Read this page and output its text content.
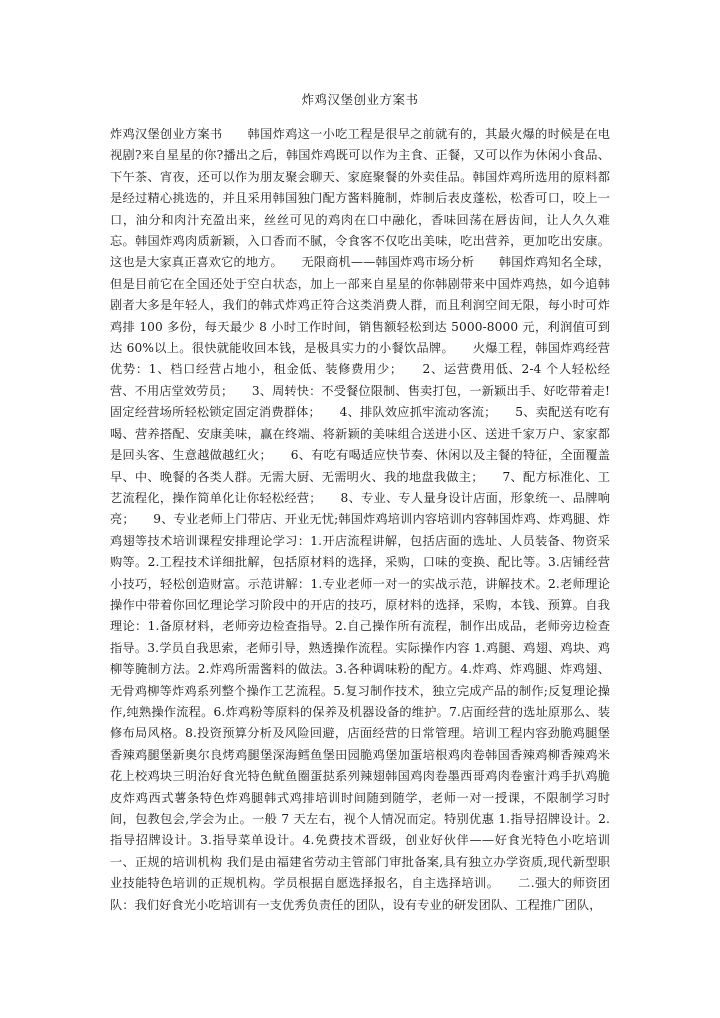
炸鸡汉堡创业方案书

炸鸡汉堡创业方案书　　韩国炸鸡这一小吃工程是很早之前就有的，其最火爆的时候是在电视剧?来自星星的你?播出之后，韩国炸鸡既可以作为主食、正餐，又可以作为休闲小食品、下午茶、宵夜，还可以作为朋友聚会聊天、家庭聚餐的外卖佳品。韩国炸鸡所选用的原料都是经过精心挑选的，并且采用韩国独门配方酱料腌制，炸制后表皮蓬松，松香可口，咬上一口，油分和肉汁充盈出来，丝丝可见的鸡肉在口中融化，香味回荡在唇齿间，让人久久难忘。韩国炸鸡肉质新颖，入口香而不腻，令食客不仅吃出美味，吃出营养，更加吃出安康。这也是大家真正喜欢它的地方。　　无限商机——韩国炸鸡市场分析　　韩国炸鸡知名全球，但是目前它在全国还处于空白状态，加上一部来自星星的你韩剧带来中国炸鸡热，如今追韩剧者大多是年轻人，我们的韩式炸鸡正符合这类消费人群，而且利润空间无限，每小时可炸鸡排 100 多份，每天最少 8 小时工作时间，销售额轻松到达 5000-8000 元，利润值可到达 60%以上。很快就能收回本钱，是极具实力的小餐饮品牌。　　火爆工程，韩国炸鸡经营优势：1、档口经营占地小，租金低、装修费用少；　　2、运营费用低、2-4 个人轻松经营、不用店堂效劳员；　　3、周转快：不受餐位限制、售卖打包，一新颖出手、好吃带着走!固定经营场所轻松锁定固定消费群体；　　4、排队效应抓牢流动客流；　　5、卖配送有吃有喝、营养搭配、安康美味，赢在终端、将新颖的美味组合送进小区、送进千家万户、家家都是回头客、生意越做越红火；　　6、有吃有喝适应快节奏、休闲以及主餐的特征，全面覆盖早、中、晚餐的各类人群。无需大厨、无需明火、我的地盘我做主；　　7、配方标准化、工艺流程化，操作简单化让你轻松经营；　　8、专业、专人量身设计店面，形象统一、品牌响亮；　　9、专业老师上门带店、开业无忧;韩国炸鸡培训内容培训内容韩国炸鸡、炸鸡腿、炸鸡翅等技术培训课程安排理论学习：1.开店流程讲解，包括店面的选址、人员装备、物资采购等。2.工程技术详细批解，包括原材料的选择，采购，口味的变换、配比等。3.店铺经营小技巧，轻松创造财富。示范讲解：1.专业老师一对一的实战示范，讲解技术。2.老师理论操作中带着你回忆理论学习阶段中的开店的技巧，原材料的选择，采购，本钱、预算。自我理论：1.备原材料，老师旁边检查指导。2.自己操作所有流程，制作出成品，老师旁边检查指导。3.学员自我思索，老师引导，熟透操作流程。实际操作内容 1.鸡腿、鸡翅、鸡块、鸡柳等腌制方法。2.炸鸡所需酱料的做法。3.各种调味粉的配方。4.炸鸡、炸鸡腿、炸鸡翅、无骨鸡柳等炸鸡系列整个操作工艺流程。5.复习制作技术，独立完成产品的制作;反复理论操作,纯熟操作流程。6.炸鸡粉等原料的保养及机器设备的维护。7.店面经营的选址原那么、装修布局风格。8.投资预算分析及风险回避，店面经营的日常管理。培训工程内容劲脆鸡腿堡香辣鸡腿堡新奥尔良烤鸡腿堡深海鳕鱼堡田园脆鸡堡加蛋培根鸡肉卷韩国香辣鸡柳香辣鸡米花上校鸡块三明治好食光特色鱿鱼圈蛋挞系列辣翅韩国鸡肉卷墨西哥鸡肉卷蜜汁鸡手扒鸡脆皮炸鸡西式薯条特色炸鸡腿韩式鸡排培训时间随到随学，老师一对一授课，不限制学习时间，包教包会,学会为止。一般 7 天左右，视个人情况而定。特别优惠 1.指导招牌设计。2.指导招牌设计。3.指导菜单设计。4.免费技术晋级，创业好伙伴——好食光特色小吃培训　　一、正规的培训机构 我们是由福建省劳动主管部门审批备案,具有独立办学资质,现代新型职业技能特色培训的正规机构。学员根据自愿选择报名，自主选择培训。　　二.强大的师资团队：我们好食光小吃培训有一支优秀负责任的团队，设有专业的研发团队、工程推广团队，
